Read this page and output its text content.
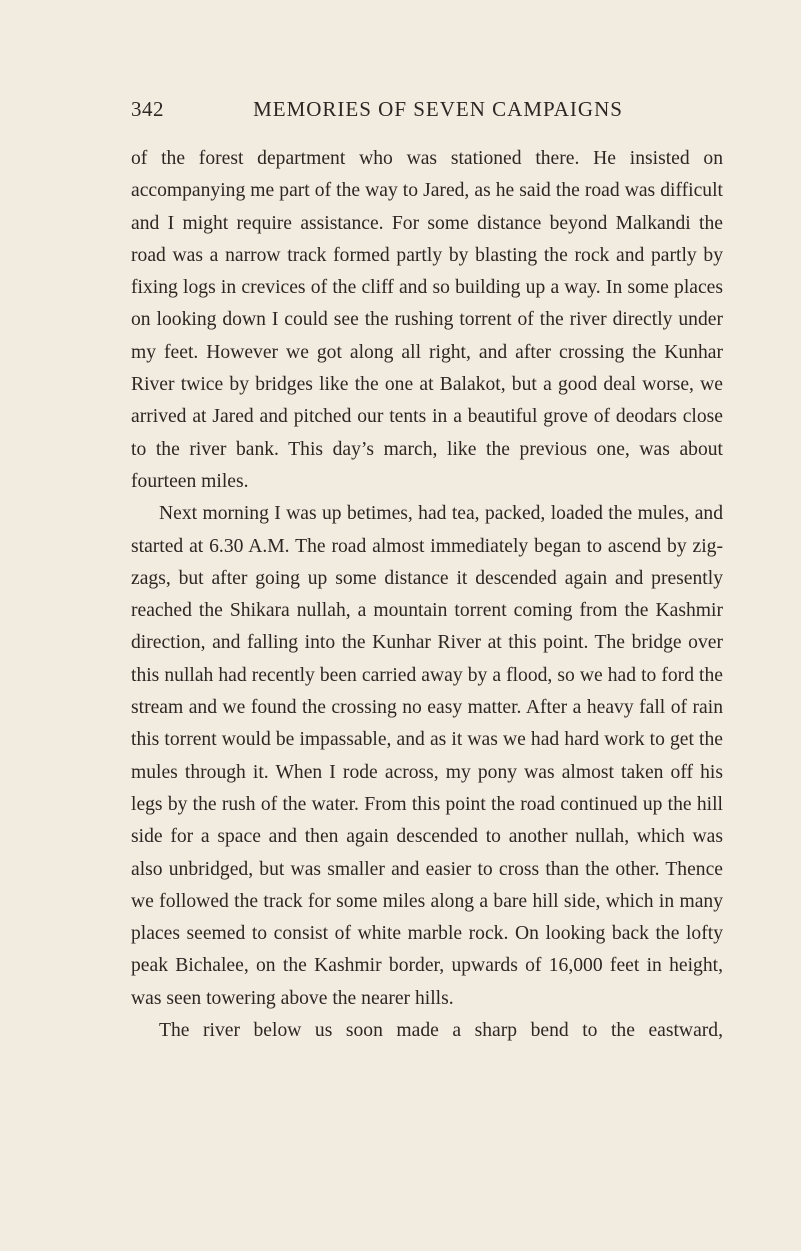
342	MEMORIES OF SEVEN CAMPAIGNS

of the forest department who was stationed there. He insisted on accompanying me part of the way to Jared, as he said the road was difficult and I might require assistance. For some distance beyond Malkandi the road was a narrow track formed partly by blasting the rock and partly by fixing logs in crevices of the cliff and so building up a way. In some places on looking down I could see the rushing torrent of the river directly under my feet. However we got along all right, and after crossing the Kunhar River twice by bridges like the one at Balakot, but a good deal worse, we arrived at Jared and pitched our tents in a beautiful grove of deodars close to the river bank. This day’s march, like the previous one, was about fourteen miles.

Next morning I was up betimes, had tea, packed, loaded the mules, and started at 6.30 A.M. The road almost immediately began to ascend by zig-zags, but after going up some distance it descended again and presently reached the Shikara nullah, a mountain torrent coming from the Kashmir direction, and falling into the Kunhar River at this point. The bridge over this nullah had recently been carried away by a flood, so we had to ford the stream and we found the crossing no easy matter. After a heavy fall of rain this torrent would be impassable, and as it was we had hard work to get the mules through it. When I rode across, my pony was almost taken off his legs by the rush of the water. From this point the road continued up the hill side for a space and then again descended to another nullah, which was also unbridged, but was smaller and easier to cross than the other. Thence we followed the track for some miles along a bare hill side, which in many places seemed to consist of white marble rock. On looking back the lofty peak Bichalee, on the Kashmir border, upwards of 16,000 feet in height, was seen towering above the nearer hills.

The river below us soon made a sharp bend to the eastward,
